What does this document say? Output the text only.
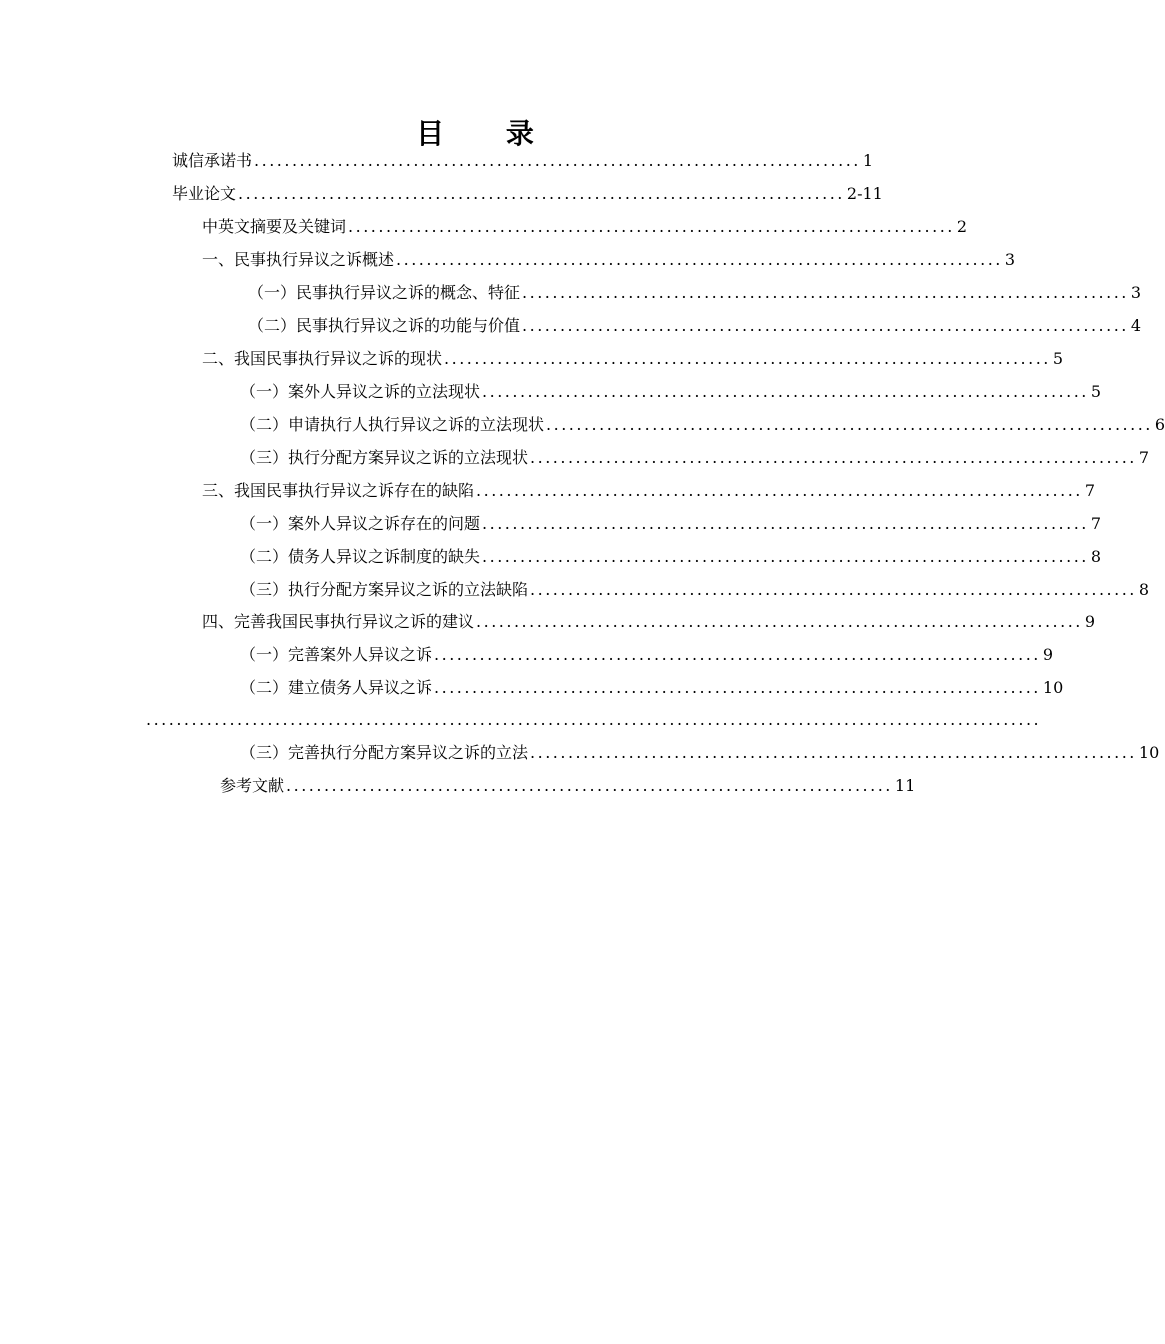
目 录
诚信承诺书 ................................................................................ 1
毕业论文 ................................................................................ 2-11
中英文摘要及关键词 ................................................................................ 2
一、民事执行异议之诉概述 ................................................................................ 3
（一）民事执行异议之诉的概念、特征 ................................................................................ 3
（二）民事执行异议之诉的功能与价值 ................................................................................ 4
二、我国民事执行异议之诉的现状 ................................................................................ 5
（一）案外人异议之诉的立法现状 ................................................................................ 5
（二）申请执行人执行异议之诉的立法现状 ................................................................................ 6
（三）执行分配方案异议之诉的立法现状 ................................................................................ 7
三、我国民事执行异议之诉存在的缺陷 ................................................................................ 7
（一）案外人异议之诉存在的问题 ................................................................................ 7
（二）债务人异议之诉制度的缺失 ................................................................................ 8
（三）执行分配方案异议之诉的立法缺陷 ................................................................................ 8
四、完善我国民事执行异议之诉的建议 ................................................................................ 9
（一）完善案外人异议之诉 ................................................................................ 9
（二）建立债务人异议之诉 ................................................................................ 10
......................................................................................................................
（三）完善执行分配方案异议之诉的立法 ................................................................................ 10
参考文献 ................................................................................ 11
